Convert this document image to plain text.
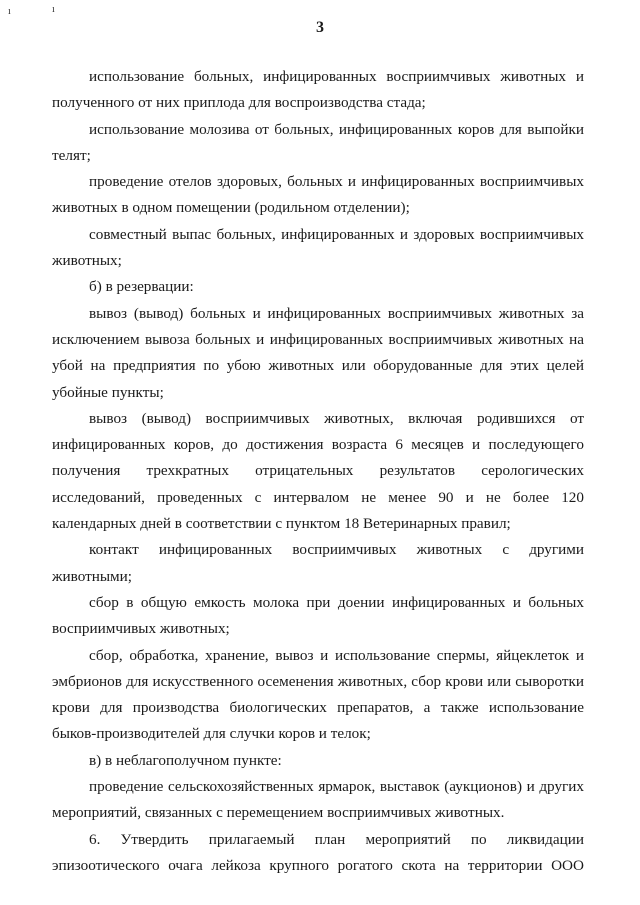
ı	ı
3

использование больных, инфицированных восприимчивых животных и полученного от них приплода для воспроизводства стада;

использование молозива от больных, инфицированных коров для выпойки телят;

проведение отелов здоровых, больных и инфицированных восприимчивых животных в одном помещении (родильном отделении);

совместный выпас больных, инфицированных и здоровых восприимчивых животных;

б) в резервации:

вывоз (вывод) больных и инфицированных восприимчивых животных за исключением вывоза больных и инфицированных восприимчивых животных на убой на предприятия по убою животных или оборудованные для этих целей убойные пункты;

вывоз (вывод) восприимчивых животных, включая родившихся от инфицированных коров, до достижения возраста 6 месяцев и последующего получения трехкратных отрицательных результатов серологических исследований, проведенных с интервалом не менее 90 и не более 120 календарных дней в соответствии с пунктом 18 Ветеринарных правил;

контакт инфицированных восприимчивых животных с другими животными;

сбор в общую емкость молока при доении инфицированных и больных восприимчивых животных;

сбор, обработка, хранение, вывоз и использование спермы, яйцеклеток и эмбрионов для искусственного осеменения животных, сбор крови или сыворотки крови для производства биологических препаратов, а также использование быков-производителей для случки коров и телок;

в) в неблагополучном пункте:

проведение сельскохозяйственных ярмарок, выставок (аукционов) и других мероприятий, связанных с перемещением восприимчивых животных.

6. Утвердить прилагаемый план мероприятий по ликвидации эпизоотического очага лейкоза крупного рогатого скота на территории ООО
